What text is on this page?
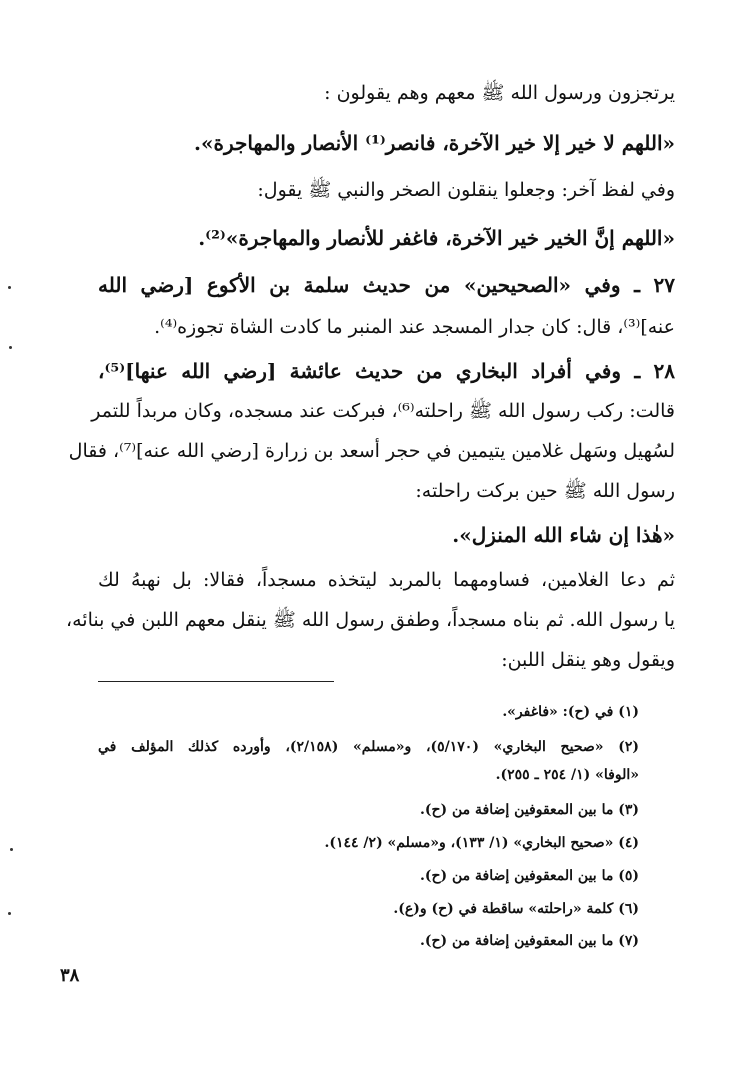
يرتجزون ورسول الله ﷺ معهم وهم يقولون :
«اللهم لا خير إلا خير الآخرة، فانصر⁽¹⁾ الأنصار والمهاجرة».
وفي لفظ آخر: وجعلوا ينقلون الصخر والنبي ﷺ يقول:
«اللهم إنَّ الخير خير الآخرة، فاغفر للأنصار والمهاجرة»⁽²⁾.
٢٧ ـ وفي «الصحيحين» من حديث سلمة بن الأكوع [رضي الله
عنه]⁽³⁾، قال: كان جدار المسجد عند المنبر ما كادت الشاة تجوزه⁽⁴⁾.
٢٨ ـ وفي أفراد البخاري من حديث عائشة [رضي الله عنها]⁽⁵⁾،
قالت: ركب رسول الله ﷺ راحلته⁽⁶⁾، فبركت عند مسجده، وكان مربداً للتمر
لسُهيل وسَهل غلامين يتيمين في حجر أسعد بن زرارة [رضي الله عنه]⁽⁷⁾، فقال
رسول الله ﷺ حين بركت راحلته:
«هٰذا إن شاء الله المنزل».
ثم دعا الغلامين، فساومهما بالمربد ليتخذه مسجداً، فقالا: بل نهبهُ لك
يا رسول الله. ثم بناه مسجداً، وطفق رسول الله ﷺ ينقل معهم اللبن في بنائه،
ويقول وهو ينقل اللبن:
(١) في (ح): «فاغفر».
(٢) «صحيح البخاري» (٥/١٧٠)، و«مسلم» (٢/١٥٨)، وأورده كذلك المؤلف في
«الوفا» (١/ ٢٥٤ ـ ٢٥٥).
(٣) ما بين المعقوفين إضافة من (ح).
(٤) «صحيح البخاري» (١/ ١٣٣)، و«مسلم» (٢/ ١٤٤).
(٥) ما بين المعقوفين إضافة من (ح).
(٦) كلمة «راحلته» ساقطة في (ح) و(ع).
(٧) ما بين المعقوفين إضافة من (ح).
٣٨
